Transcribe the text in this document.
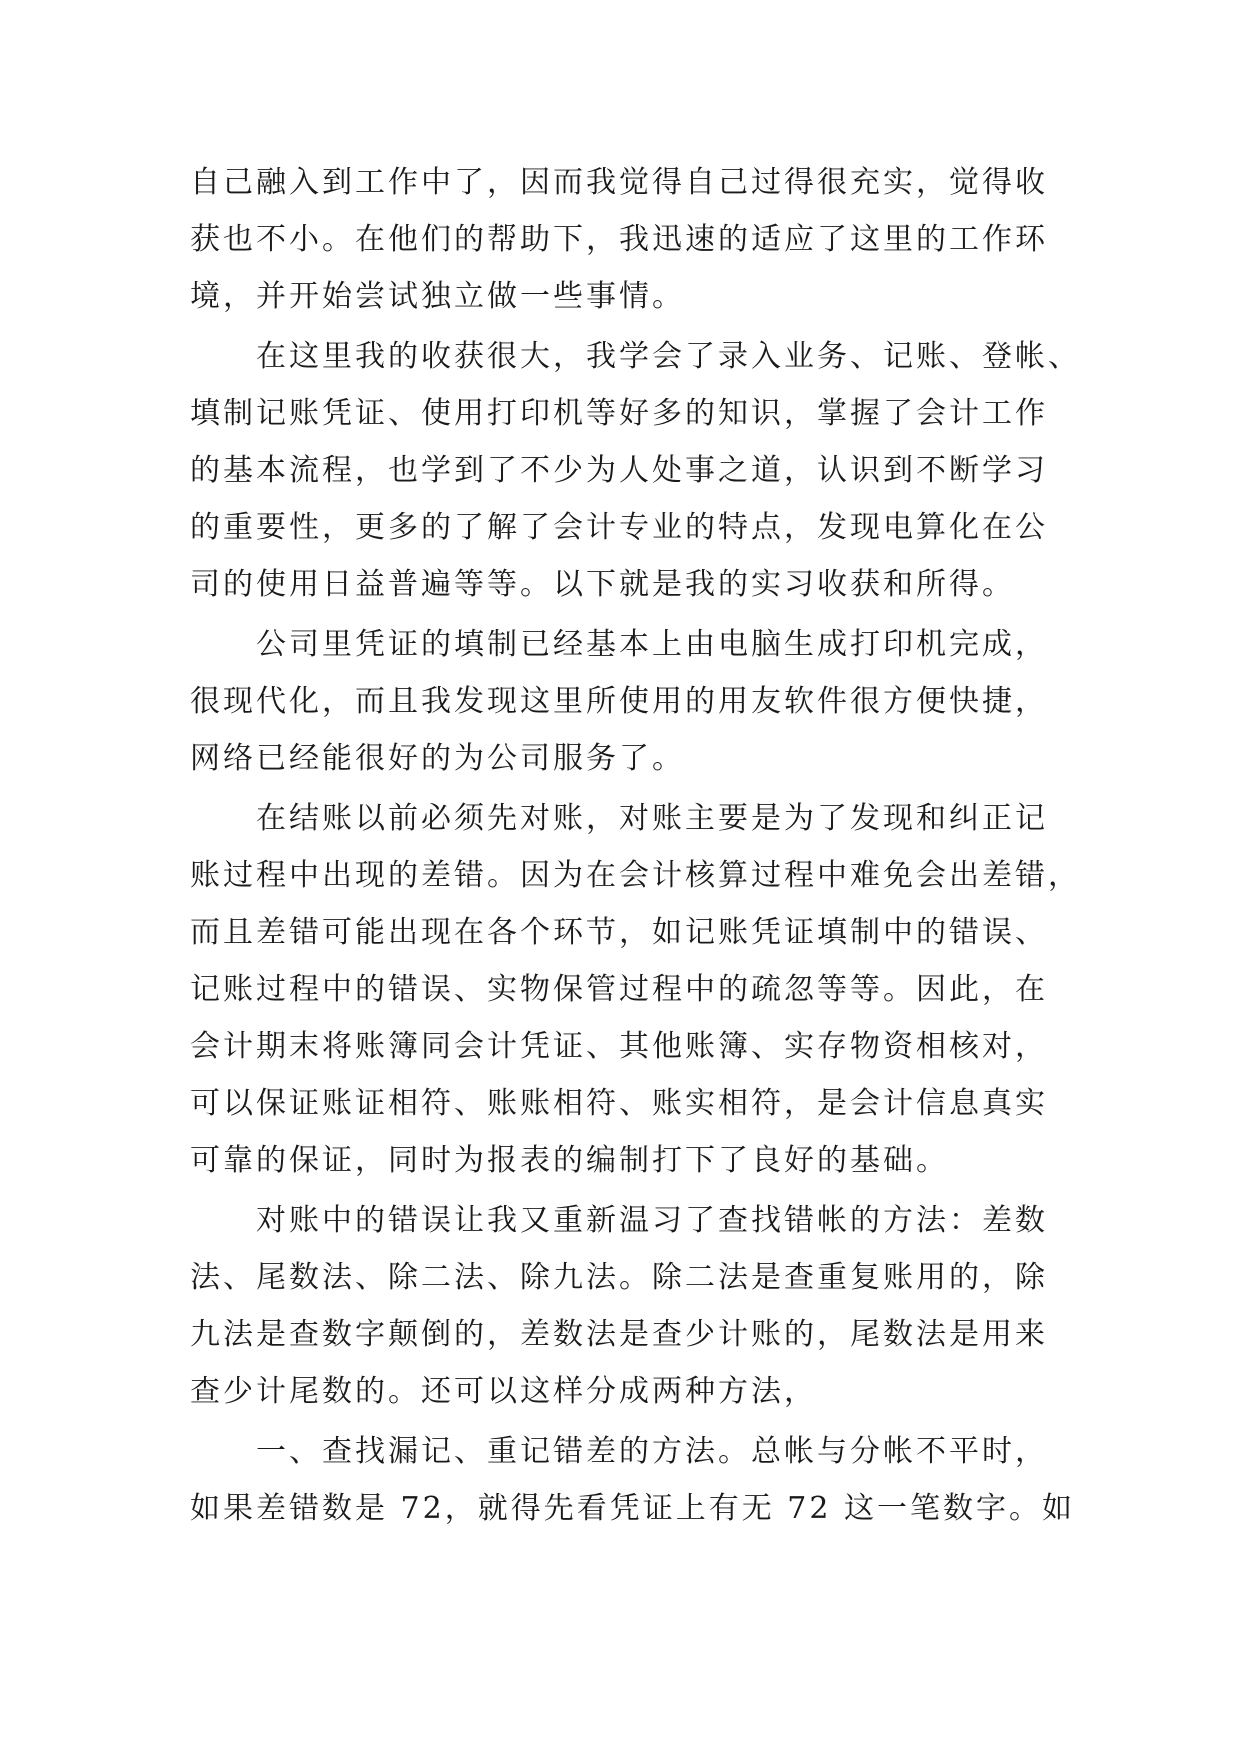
自己融入到工作中了，因而我觉得自己过得很充实，觉得收
获也不小。在他们的帮助下，我迅速的适应了这里的工作环
境，并开始尝试独立做一些事情。
在这里我的收获很大，我学会了录入业务、记账、登帐、
填制记账凭证、使用打印机等好多的知识，掌握了会计工作
的基本流程，也学到了不少为人处事之道，认识到不断学习
的重要性，更多的了解了会计专业的特点，发现电算化在公
司的使用日益普遍等等。以下就是我的实习收获和所得。
公司里凭证的填制已经基本上由电脑生成打印机完成，
很现代化，而且我发现这里所使用的用友软件很方便快捷，
网络已经能很好的为公司服务了。
在结账以前必须先对账，对账主要是为了发现和纠正记
账过程中出现的差错。因为在会计核算过程中难免会出差错，
而且差错可能出现在各个环节，如记账凭证填制中的错误、
记账过程中的错误、实物保管过程中的疏忽等等。因此，在
会计期末将账簿同会计凭证、其他账簿、实存物资相核对，
可以保证账证相符、账账相符、账实相符，是会计信息真实
可靠的保证，同时为报表的编制打下了良好的基础。
对账中的错误让我又重新温习了查找错帐的方法：差数
法、尾数法、除二法、除九法。除二法是查重复账用的，除
九法是查数字颠倒的，差数法是查少计账的，尾数法是用来
查少计尾数的。还可以这样分成两种方法，
一、查找漏记、重记错差的方法。总帐与分帐不平时，
如果差错数是 72，就得先看凭证上有无 72 这一笔数字。如
